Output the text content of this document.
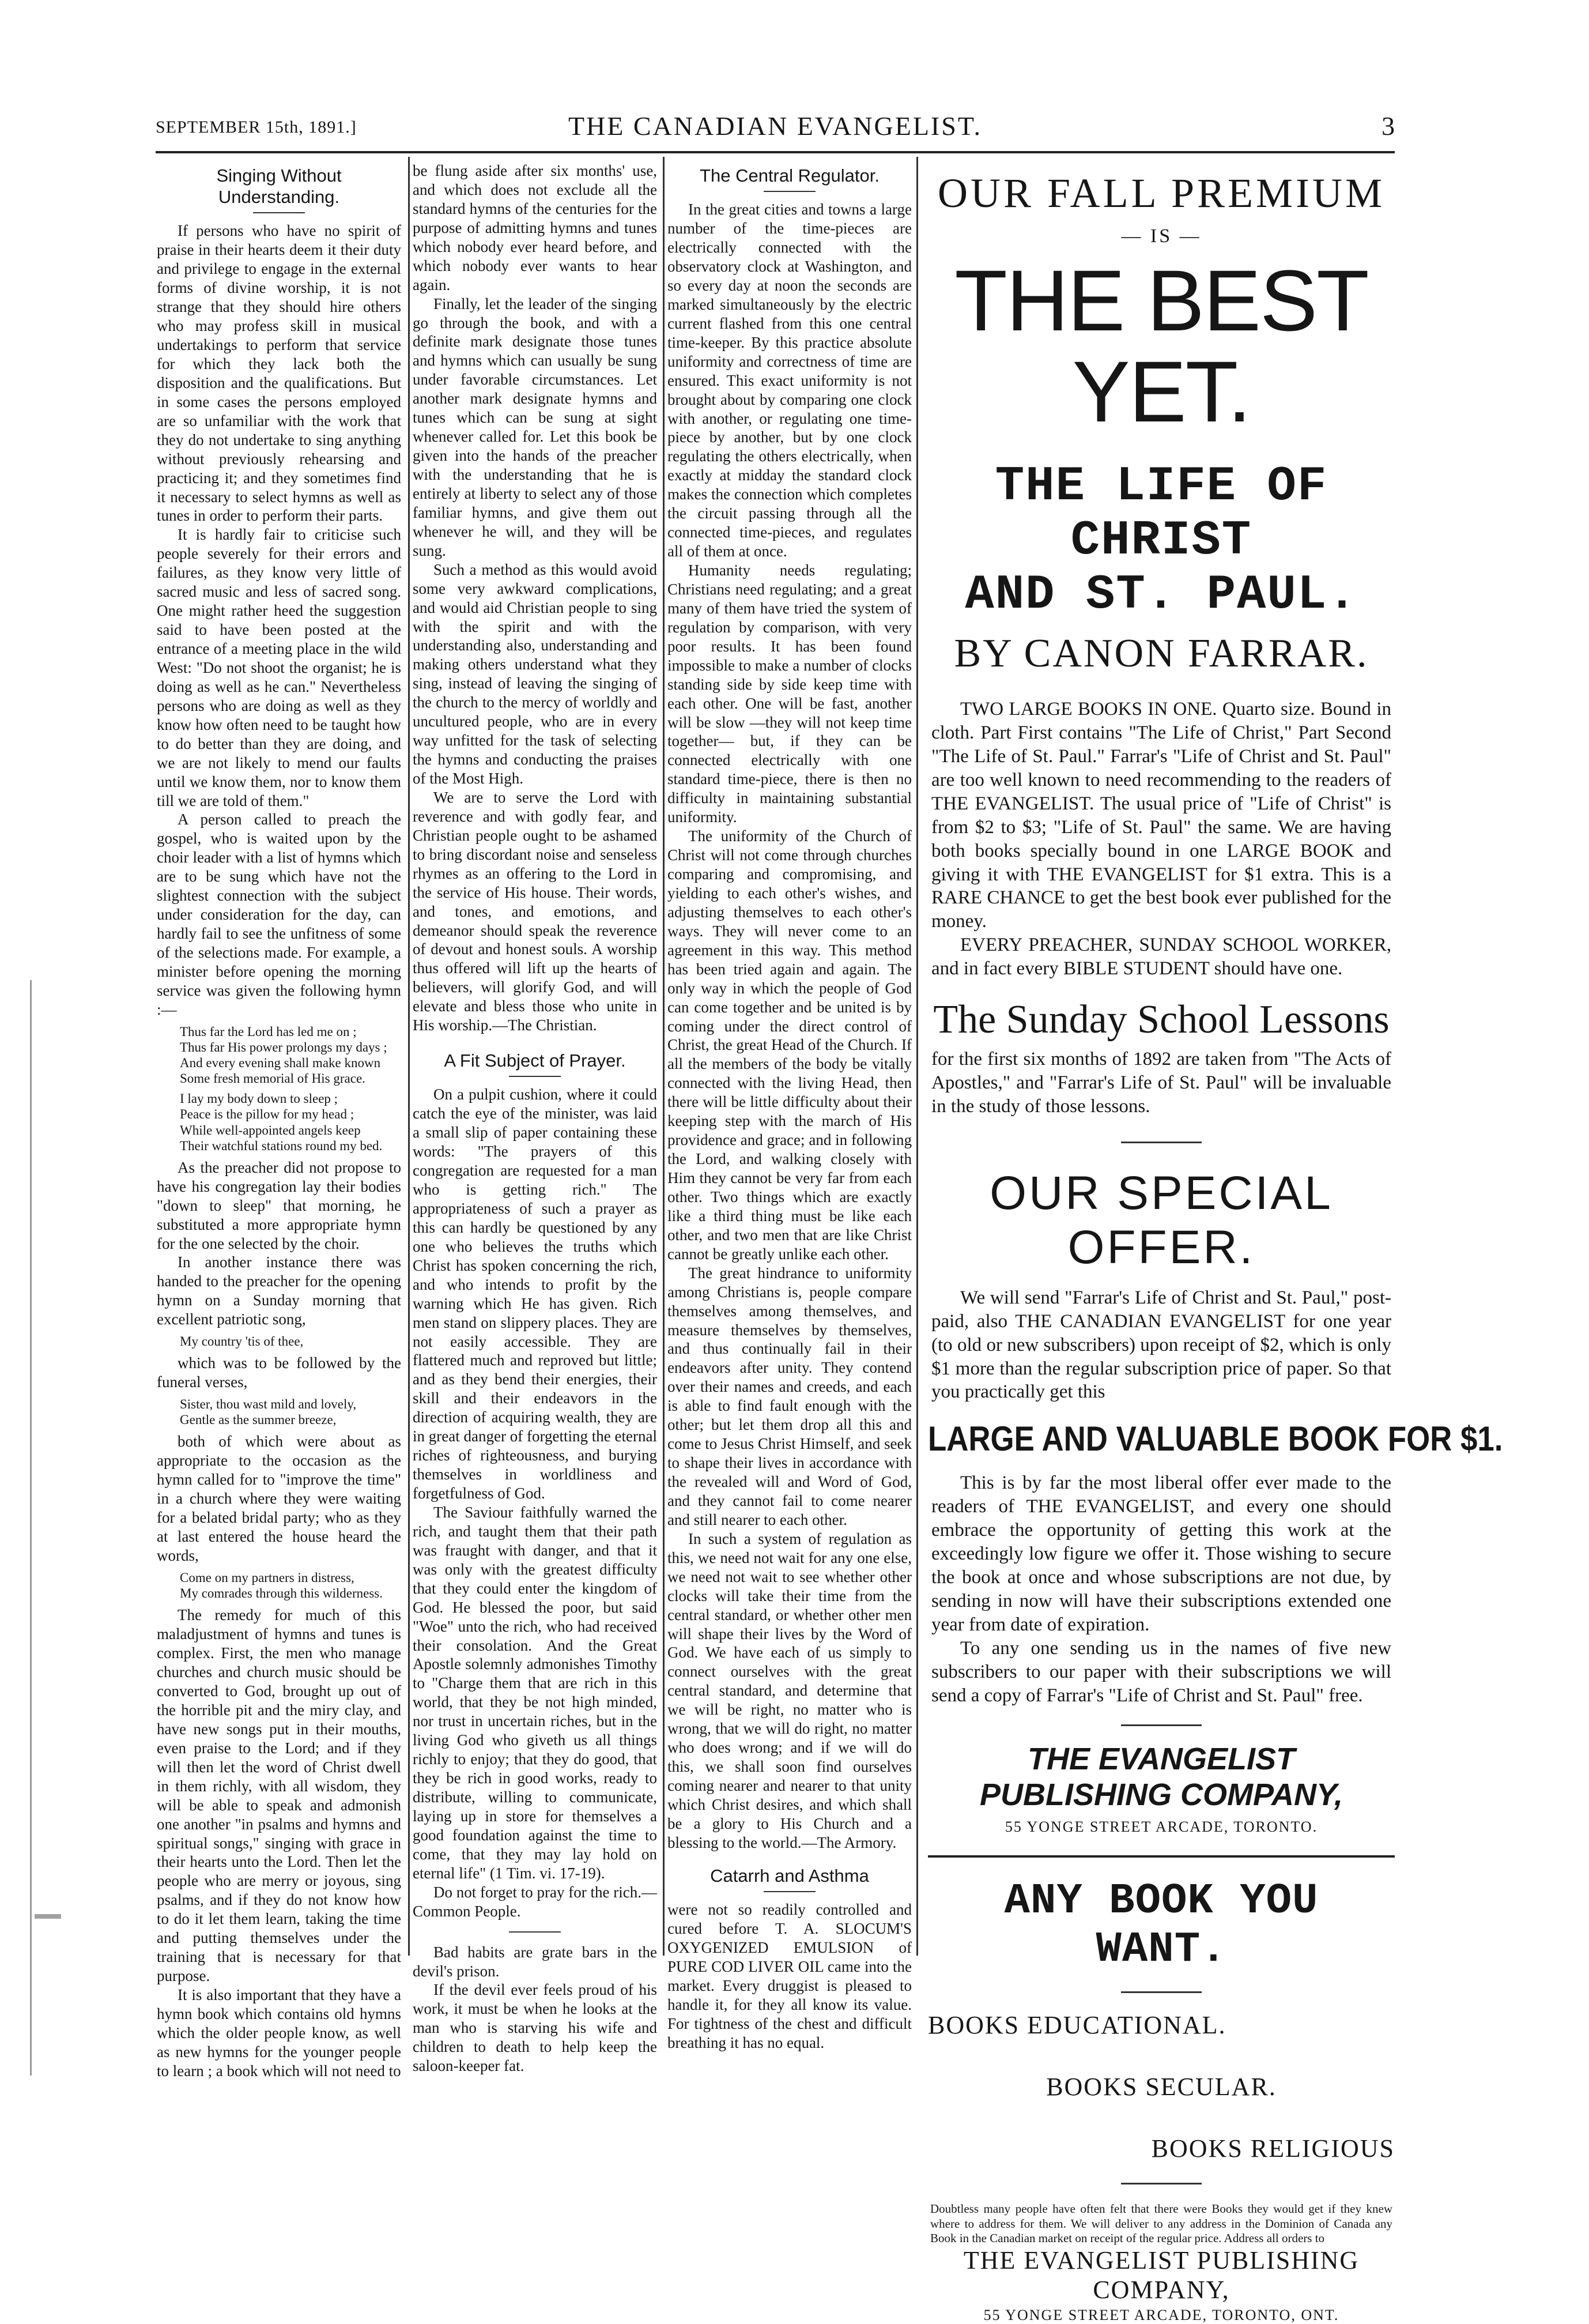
SEPTEMBER 15th, 1891.]	THE CANADIAN EVANGELIST.	3
Singing Without Understanding.

If persons who have no spirit of praise in their hearts deem it their duty and privilege to engage in the external forms of divine worship, it is not strange that they should hire others who may profess skill in musical undertakings to perform that service for which they lack both the disposition and the qualifications. But in some cases the persons employed are so unfamiliar with the work that they do not undertake to sing anything without previously rehearsing and practicing it; and they sometimes find it necessary to select hymns as well as tunes in order to perform their parts.

It is hardly fair to criticise such people severely for their errors and failures, as they know very little of sacred music and less of sacred song. One might rather heed the suggestion said to have been posted at the entrance of a meeting place in the wild West: "Do not shoot the organist; he is doing as well as he can." Nevertheless persons who are doing as well as they know how often need to be taught how to do better than they are doing, and we are not likely to mend our faults until we know them, nor to know them till we are told of them."

A person called to preach the gospel, who is waited upon by the choir leader with a list of hymns which are to be sung which have not the slightest connection with the subject under consideration for the day, can hardly fail to see the unfitness of some of the selections made. For example, a minister before opening the morning service was given the following hymn :—

Thus far the Lord has led me on ;
Thus far His power prolongs my days ;
And every evening shall make known
Some fresh memorial of His grace.
I lay my body down to sleep ;
Peace is the pillow for my head ;
While well-appointed angels keep
Their watchful stations round my bed.

As the preacher did not propose to have his congregation lay their bodies "down to sleep" that morning, he substituted a more appropriate hymn for the one selected by the choir.

In another instance there was handed to the preacher for the opening hymn on a Sunday morning that excellent patriotic song,

My country 'tis of thee,

which was to be followed by the funeral verses,

Sister, thou wast mild and lovely,
Gentle as the summer breeze,

both of which were about as appropriate to the occasion as the hymn called for to "improve the time" in a church where they were waiting for a belated bridal party; who as they at last entered the house heard the words,

Come on my partners in distress,
My comrades through this wilderness.

The remedy for much of this maladjustment of hymns and tunes is complex. First, the men who manage churches and church music should be converted to God, brought up out of the horrible pit and the miry clay, and have new songs put in their mouths, even praise to the Lord; and if they will then let the word of Christ dwell in them richly, with all wisdom, they will be able to speak and admonish one another "in psalms and hymns and spiritual songs," singing with grace in their hearts unto the Lord. Then let the people who are merry or joyous, sing psalms, and if they do not know how to do it let them learn, taking the time and putting themselves under the training that is necessary for that purpose.

It is also important that they have a hymn book which contains old hymns which the older people know, as well as new hymns for the younger people to learn ; a book which will not need to

be flung aside after six months' use, and which does not exclude all the standard hymns of the centuries for the purpose of admitting hymns and tunes which nobody ever heard before, and which nobody ever wants to hear again.

Finally, let the leader of the singing go through the book, and with a definite mark designate those tunes and hymns which can usually be sung under favorable circumstances. Let another mark designate hymns and tunes which can be sung at sight whenever called for. Let this book be given into the hands of the preacher with the understanding that he is entirely at liberty to select any of those familiar hymns, and give them out whenever he will, and they will be sung.

Such a method as this would avoid some very awkward complications, and would aid Christian people to sing with the spirit and with the understanding also, understanding and making others understand what they sing, instead of leaving the singing of the church to the mercy of worldly and uncultured people, who are in every way unfitted for the task of selecting the hymns and conducting the praises of the Most High.

We are to serve the Lord with reverence and with godly fear, and Christian people ought to be ashamed to bring discordant noise and senseless rhymes as an offering to the Lord in the service of His house. Their words, and tones, and emotions, and demeanor should speak the reverence of devout and honest souls. A worship thus offered will lift up the hearts of believers, will glorify God, and will elevate and bless those who unite in His worship.—The Christian.

A Fit Subject of Prayer.

On a pulpit cushion, where it could catch the eye of the minister, was laid a small slip of paper containing these words: "The prayers of this congregation are requested for a man who is getting rich." The appropriateness of such a prayer as this can hardly be questioned by any one who believes the truths which Christ has spoken concerning the rich, and who intends to profit by the warning which He has given. Rich men stand on slippery places. They are not easily accessible. They are flattered much and reproved but little; and as they bend their energies, their skill and their endeavors in the direction of acquiring wealth, they are in great danger of forgetting the eternal riches of righteousness, and burying themselves in worldliness and forgetfulness of God.

The Saviour faithfully warned the rich, and taught them that their path was fraught with danger, and that it was only with the greatest difficulty that they could enter the kingdom of God. He blessed the poor, but said "Woe" unto the rich, who had received their consolation. And the Great Apostle solemnly admonishes Timothy to "Charge them that are rich in this world, that they be not high minded, nor trust in uncertain riches, but in the living God who giveth us all things richly to enjoy; that they do good, that they be rich in good works, ready to distribute, willing to communicate, laying up in store for themselves a good foundation against the time to come, that they may lay hold on eternal life" (1 Tim. vi. 17-19).

Do not forget to pray for the rich.—Common People.

Bad habits are grate bars in the devil's prison.

If the devil ever feels proud of his work, it must be when he looks at the man who is starving his wife and children to death to help keep the saloon-keeper fat.

The Central Regulator.

In the great cities and towns a large number of the time-pieces are electrically connected with the observatory clock at Washington, and so every day at noon the seconds are marked simultaneously by the electric current flashed from this one central time-keeper. By this practice absolute uniformity and correctness of time are ensured. This exact uniformity is not brought about by comparing one clock with another, or regulating one time-piece by another, but by one clock regulating the others electrically, when exactly at midday the standard clock makes the connection which completes the circuit passing through all the connected time-pieces, and regulates all of them at once.

Humanity needs regulating; Christians need regulating; and a great many of them have tried the system of regulation by comparison, with very poor results. It has been found impossible to make a number of clocks standing side by side keep time with each other. One will be fast, another will be slow —they will not keep time together— but, if they can be connected electrically with one standard time-piece, there is then no difficulty in maintaining substantial uniformity.

The uniformity of the Church of Christ will not come through churches comparing and compromising, and yielding to each other's wishes, and adjusting themselves to each other's ways. They will never come to an agreement in this way. This method has been tried again and again. The only way in which the people of God can come together and be united is by coming under the direct control of Christ, the great Head of the Church. If all the members of the body be vitally connected with the living Head, then there will be little difficulty about their keeping step with the march of His providence and grace; and in following the Lord, and walking closely with Him they cannot be very far from each other. Two things which are exactly like a third thing must be like each other, and two men that are like Christ cannot be greatly unlike each other.

The great hindrance to uniformity among Christians is, people compare themselves among themselves, and measure themselves by themselves, and thus continually fail in their endeavors after unity. They contend over their names and creeds, and each is able to find fault enough with the other; but let them drop all this and come to Jesus Christ Himself, and seek to shape their lives in accordance with the revealed will and Word of God, and they cannot fail to come nearer and still nearer to each other.

In such a system of regulation as this, we need not wait for any one else, we need not wait to see whether other clocks will take their time from the central standard, or whether other men will shape their lives by the Word of God. We have each of us simply to connect ourselves with the great central standard, and determine that we will be right, no matter who is wrong, that we will do right, no matter who does wrong; and if we will do this, we shall soon find ourselves coming nearer and nearer to that unity which Christ desires, and which shall be a glory to His Church and a blessing to the world.—The Armory.

Catarrh and Asthma

were not so readily controlled and cured before T. A. SLOCUM'S OXYGENIZED EMULSION of PURE COD LIVER OIL came into the market. Every druggist is pleased to handle it, for they all know its value. For tightness of the chest and difficult breathing it has no equal.

OUR FALL PREMIUM
— IS —
THE BEST YET.
THE LIFE OF CHRIST
AND ST. PAUL.
BY CANON FARRAR.

TWO LARGE BOOKS IN ONE. Quarto size. Bound in cloth. Part First contains "The Life of Christ," Part Second "The Life of St. Paul." Farrar's "Life of Christ and St. Paul" are too well known to need recommending to the readers of THE EVANGELIST. The usual price of "Life of Christ" is from $2 to $3; "Life of St. Paul" the same. We are having both books specially bound in one LARGE BOOK and giving it with THE EVANGELIST for $1 extra. This is a RARE CHANCE to get the best book ever published for the money.

EVERY PREACHER, SUNDAY SCHOOL WORKER, and in fact every BIBLE STUDENT should have one.

The Sunday School Lessons

for the first six months of 1892 are taken from "The Acts of Apostles," and "Farrar's Life of St. Paul" will be invaluable in the study of those lessons.

OUR SPECIAL OFFER.

We will send "Farrar's Life of Christ and St. Paul," post-paid, also THE CANADIAN EVANGELIST for one year (to old or new subscribers) upon receipt of $2, which is only $1 more than the regular subscription price of paper. So that you practically get this

LARGE AND VALUABLE BOOK FOR $1.

This is by far the most liberal offer ever made to the readers of THE EVANGELIST, and every one should embrace the opportunity of getting this work at the exceedingly low figure we offer it. Those wishing to secure the book at once and whose subscriptions are not due, by sending in now will have their subscriptions extended one year from date of expiration.

To any one sending us in the names of five new subscribers to our paper with their subscriptions we will send a copy of Farrar's "Life of Christ and St. Paul" free.

THE EVANGELIST PUBLISHING COMPANY,
55 YONGE STREET ARCADE, TORONTO.
ANY BOOK YOU WANT.
BOOKS EDUCATIONAL.
BOOKS SECULAR.
BOOKS RELIGIOUS
Doubtless many people have often felt that there were Books they would get if they knew where to address for them. We will deliver to any address in the Dominion of Canada any Book in the Canadian market on receipt of the regular price. Address all orders to
THE EVANGELIST PUBLISHING COMPANY,
55 YONGE STREET ARCADE, TORONTO, ONT.
